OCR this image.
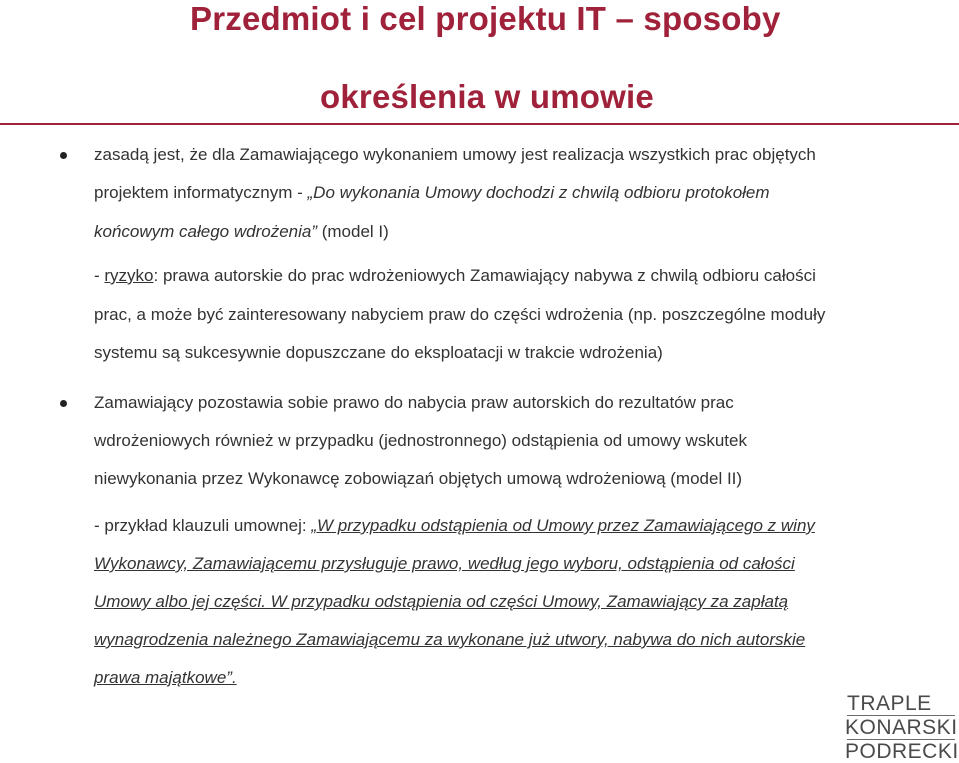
Przedmiot i cel projektu IT – sposoby
określenia w umowie
zasadą jest, że dla Zamawiającego wykonaniem umowy jest realizacja wszystkich prac objętych
projektem informatycznym - „Do wykonania Umowy dochodzi z chwilą odbioru protokołem
końcowym całego wdrożenia” (model I)
- ryzyko: prawa autorskie do prac wdrożeniowych Zamawiający nabywa z chwilą odbioru całości
prac, a może być zainteresowany nabyciem praw do części wdrożenia (np. poszczególne moduły
systemu są sukcesywnie dopuszczane do eksploatacji w trakcie wdrożenia)
Zamawiający pozostawia sobie prawo do nabycia praw autorskich do rezultatów prac
wdrożeniowych również w przypadku (jednostronnego) odstąpienia od umowy wskutek
niewykonania przez Wykonawcę zobowiązań objętych umową wdrożeniową (model II)
- przykład klauzuli umownej: „W przypadku odstąpienia od Umowy przez Zamawiającego z winy
Wykonawcy, Zamawiającemu przysługuje prawo, według jego wyboru, odstąpienia od całości
Umowy albo jej części. W przypadku odstąpienia od części Umowy, Zamawiający za zapłatą
wynagrodzenia należnego Zamawiającemu za wykonane już utwory, nabywa do nich autorskie
prawa majątkowe”.
TRAPLE
KONARSKI
PODRECKI
